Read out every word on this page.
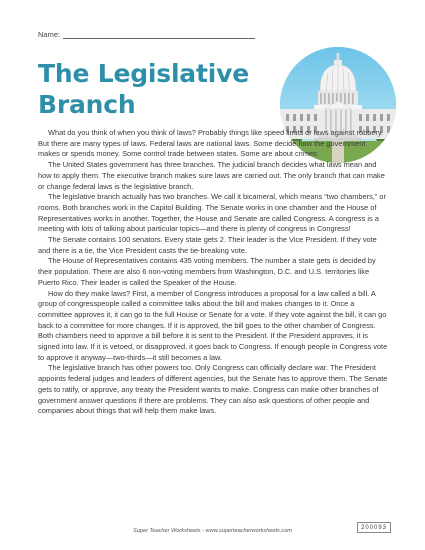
Name:
The Legislative
Branch

What do you think of when you think of laws? Probably things like speed limits or laws against robbery. But there are many types of laws. Federal laws are national laws. Some decide how the government makes or spends money. Some control trade between states. Some are about crimes.

The United States government has three branches. The judicial branch decides what laws mean and how to apply them. The executive branch makes sure laws are carried out. The only branch that can make or change federal laws is the legislative branch.

The legislative branch actually has two branches. We call it bicameral, which means “two chambers,” or rooms. Both branches work in the Capitol Building. The Senate works in one chamber and the House of Representatives works in another. Together, the House and Senate are called Congress. A congress is a meeting with lots of talking about particular topics—and there is plenty of congress in Congress!

The Senate contains 100 senators. Every state gets 2. Their leader is the Vice President. If they vote and there is a tie, the Vice President casts the tie-breaking vote.

The House of Representatives contains 435 voting members. The number a state gets is decided by their population. There are also 6 non-voting members from Washington, D.C. and U.S. territories like Puerto Rico. Their leader is called the Speaker of the House.

How do they make laws? First, a member of Congress introduces a proposal for a law called a bill. A group of congresspeople called a committee talks about the bill and makes changes to it. Once a committee approves it, it can go to the full House or Senate for a vote. If they vote against the bill, it can go back to a committee for more changes. If it is approved, the bill goes to the other chamber of Congress. Both chambers need to approve a bill before it is sent to the President. If the President approves, it is signed into law. If it is vetoed, or disapproved, it goes back to Congress. If enough people in Congress vote to approve it anyway—two-thirds—it still becomes a law.

The legislative branch has other powers too. Only Congress can officially declare war. The President appoints federal judges and leaders of different agencies, but the Senate has to approve them. The Senate gets to ratify, or approve, any treaty the President wants to make. Congress can make other branches of government answer questions if there are problems. They can also ask questions of other people and companies about things that will help them make laws.

Super Teacher Worksheets - www.superteacherworksheets.com
200093
